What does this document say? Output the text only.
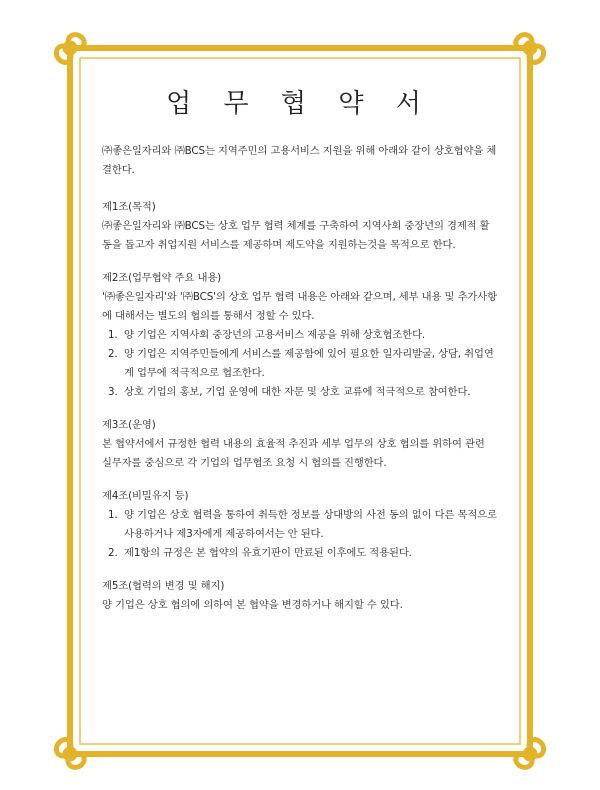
업 무 협 약 서

㈜좋은일자리와 ㈜BCS는 지역주민의 고용서비스 지원을 위해 아래와 같이 상호협약을 체결한다.

제1조(목적)

㈜좋은일자리와 ㈜BCS는 상호 업무 협력 체계를 구축하여 지역사회 중장년의 경제적 활동을 돕고자 취업지원 서비스를 제공하며 제도약을 지원하는것을 목적으로 한다.

제2조(업무협약 주요 내용)

'㈜좋은일자리'와 '㈜BCS'의 상호 업무 협력 내용은 아래와 같으며, 세부 내용 및 추가사항에 대해서는 별도의 협의를 통해서 정할 수 있다.

1. 양 기업은 지역사회 중장년의 고용서비스 제공을 위해 상호협조한다.
2. 양 기업은 지역주민들에게 서비스를 제공함에 있어 필요한 일자리발굴, 상담, 취업연계 업무에 적극적으로 협조한다.
3. 상호 기업의 홍보, 기업 운영에 대한 자문 및 상호 교류에 적극적으로 참여한다.

제3조(운영)

본 협약서에서 규정한 협력 내용의 효율적 추진과 세부 업무의 상호 협의를 위하여 관련 실무자를 중심으로 각 기업의 업무협조 요청 시 협의를 진행한다.

제4조(비밀유지 등)

1. 양 기업은 상호 협력을 통하여 취득한 정보를 상대방의 사전 동의 없이 다른 목적으로 사용하거나 제3자에게 제공하여서는 안 된다.
2. 제1항의 규정은 본 협약의 유효기판이 만료된 이후에도 적용된다.

제5조(협력의 변경 및 해지)

양 기업은 상호 협의에 의하여 본 협약을 변경하거나 해지할 수 있다.
